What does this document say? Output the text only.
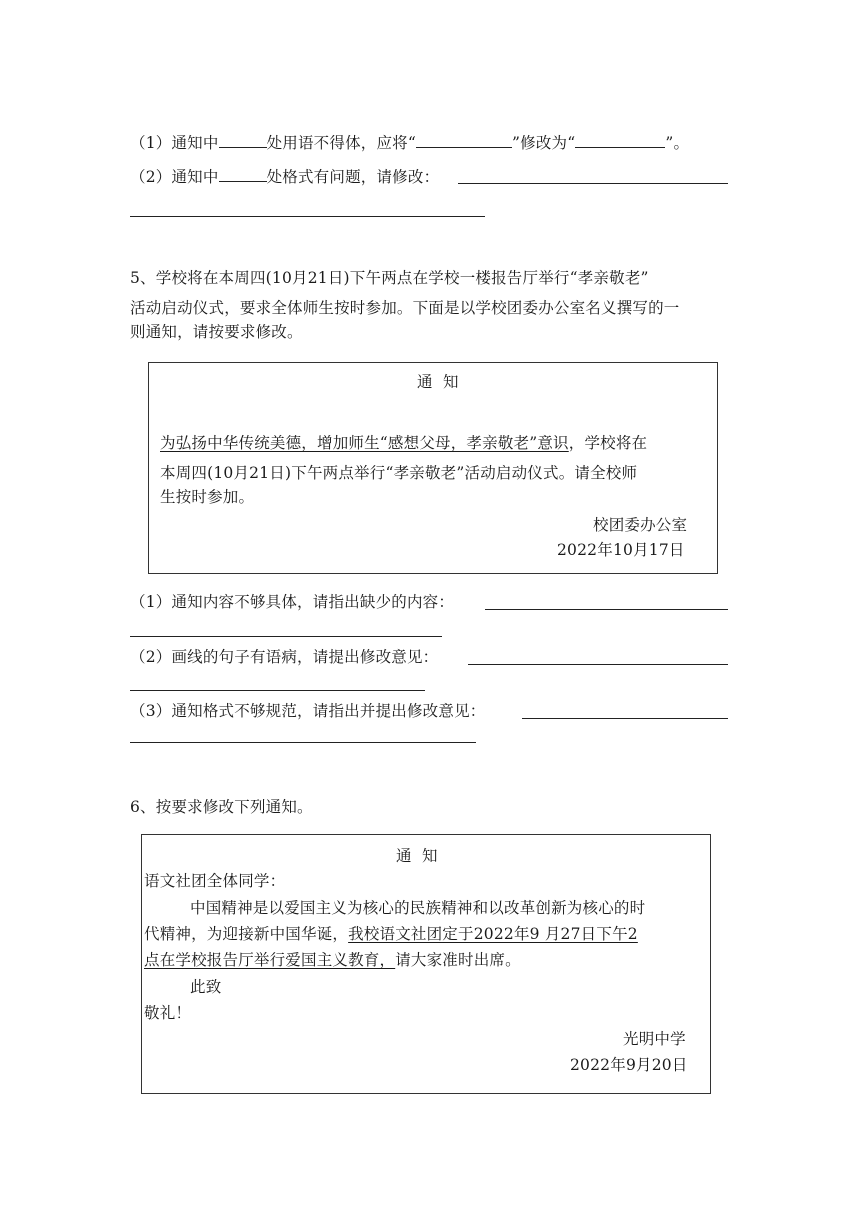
（1）通知中	处用语不得体，应将“	”修改为“	”。
（2）通知中	处格式有问题，请修改：
5、学校将在本周四(10月21日)下午两点在学校一楼报告厅举行“孝亲敬老”
活动启动仪式，要求全体师生按时参加。下面是以学校团委办公室名义撰写的一
则通知，请按要求修改。
通  知
为弘扬中华传统美德，增加师生“感想父母，孝亲敬老”意识，学校将在
本周四(10月21日)下午两点举行“孝亲敬老”活动启动仪式。请全校师
生按时参加。
校团委办公室
2022年10月17日
（1）通知内容不够具体，请指出缺少的内容：
（2）画线的句子有语病，请提出修改意见：
（3）通知格式不够规范，请指出并提出修改意见：
6、按要求修改下列通知。
通  知
语文社团全体同学：
中国精神是以爱国主义为核心的民族精神和以改革创新为核心的时
代精神，为迎接新中国华诞，我校语文社团定于2022年9 月27日下午2
点在学校报告厅举行爱国主义教育，请大家准时出席。
此致
敬礼！
光明中学
2022年9月20日
